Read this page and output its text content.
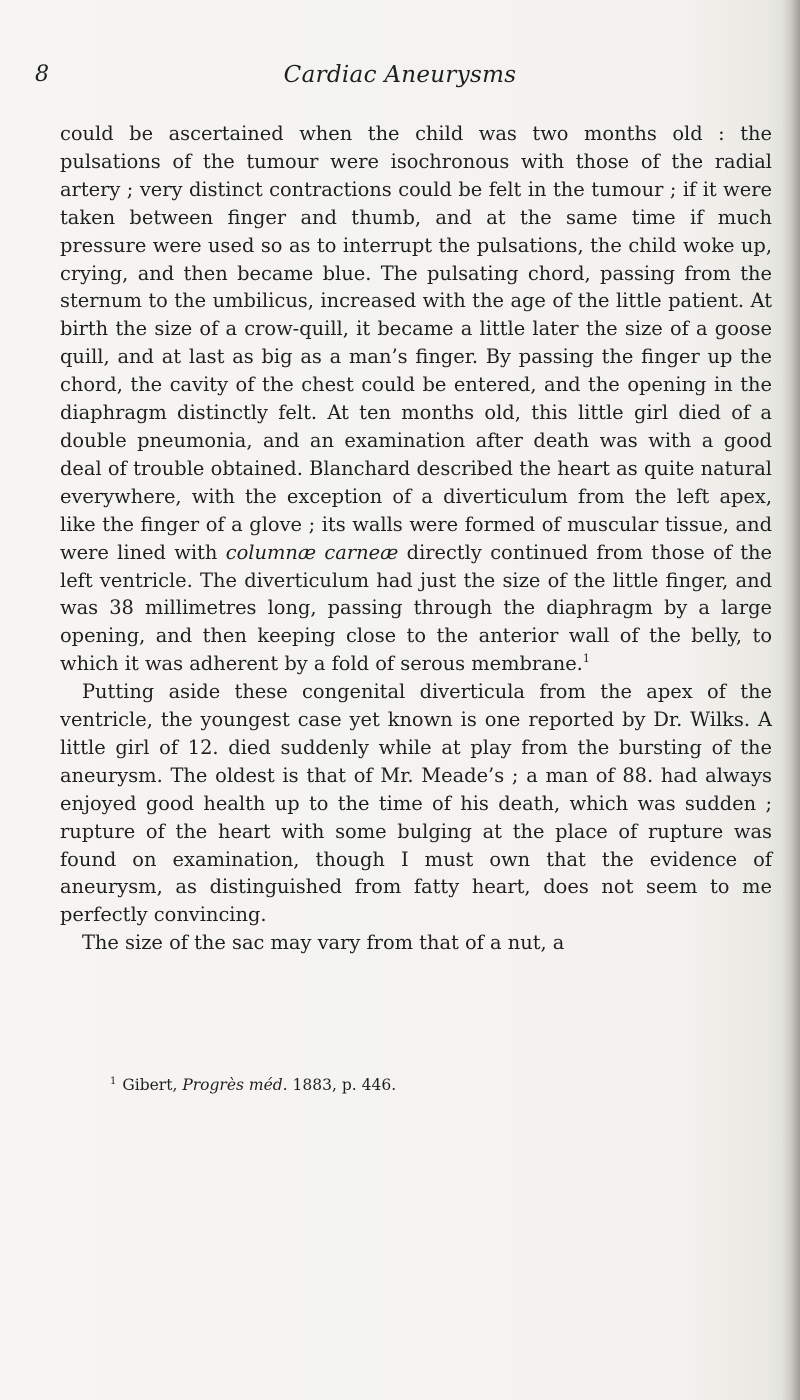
8	Cardiac Aneurysms

could be ascertained when the child was two months old : the pulsations of the tumour were isochronous with those of the radial artery ; very distinct contractions could be felt in the tumour ; if it were taken between finger and thumb, and at the same time if much pressure were used so as to interrupt the pulsations, the child woke up, crying, and then became blue. The pulsating chord, passing from the sternum to the umbilicus, increased with the age of the little patient. At birth the size of a crow-quill, it became a little later the size of a goose quill, and at last as big as a man’s finger. By passing the finger up the chord, the cavity of the chest could be entered, and the opening in the diaphragm distinctly felt. At ten months old, this little girl died of a double pneumonia, and an examination after death was with a good deal of trouble obtained. Blanchard described the heart as quite natural everywhere, with the exception of a diverticulum from the left apex, like the finger of a glove ; its walls were formed of muscular tissue, and were lined with columnæ carneæ directly continued from those of the left ventricle. The diverticulum had just the size of the little finger, and was 38 millimetres long, passing through the diaphragm by a large opening, and then keeping close to the anterior wall of the belly, to which it was adherent by a fold of serous membrane.$^1$

Putting aside these congenital diverticula from the apex of the ventricle, the youngest case yet known is one reported by Dr. Wilks. A little girl of 12. died suddenly while at play from the bursting of the aneurysm. The oldest is that of Mr. Meade’s ; a man of 88. had always enjoyed good health up to the time of his death, which was sudden ; rupture of the heart with some bulging at the place of rupture was found on examination, though I must own that the evidence of aneurysm, as distinguished from fatty heart, does not seem to me perfectly convincing.

The size of the sac may vary from that of a nut, a

$^1$ Gibert, Progrès méd. 1883, p. 446.
